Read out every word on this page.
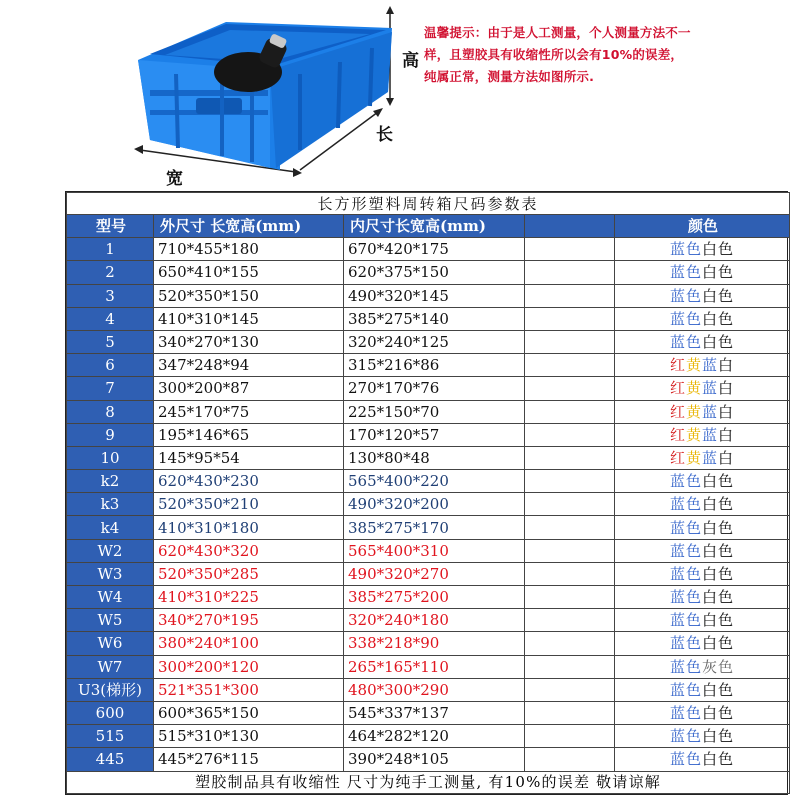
高
长
宽
温馨提示：由于是人工测量，个人测量方法不一样，且塑胶具有收缩性所以会有10%的误差，纯属正常，测量方法如图所示.
长方形塑料周转箱尺码参数表				
型号	外尺寸 长宽高(mm)	内尺寸长宽高(mm)		颜色
1	710*455*180	670*420*175		蓝色白色
2	650*410*155	620*375*150		蓝色白色
3	520*350*150	490*320*145		蓝色白色
4	410*310*145	385*275*140		蓝色白色
5	340*270*130	320*240*125		蓝色白色
6	347*248*94	315*216*86		红黄蓝白
7	300*200*87	270*170*76		红黄蓝白
8	245*170*75	225*150*70		红黄蓝白
9	195*146*65	170*120*57		红黄蓝白
10	145*95*54	130*80*48		红黄蓝白
k2	620*430*230	565*400*220		蓝色白色
k3	520*350*210	490*320*200		蓝色白色
k4	410*310*180	385*275*170		蓝色白色
W2	620*430*320	565*400*310		蓝色白色
W3	520*350*285	490*320*270		蓝色白色
W4	410*310*225	385*275*200		蓝色白色
W5	340*270*195	320*240*180		蓝色白色
W6	380*240*100	338*218*90		蓝色白色
W7	300*200*120	265*165*110		蓝色灰色
U3(梯形)	521*351*300	480*300*290		蓝色白色
600	600*365*150	545*337*137		蓝色白色
515	515*310*130	464*282*120		蓝色白色
445	445*276*115	390*248*105		蓝色白色
塑胶制品具有收缩性 尺寸为纯手工测量, 有10%的误差 敬请谅解				
